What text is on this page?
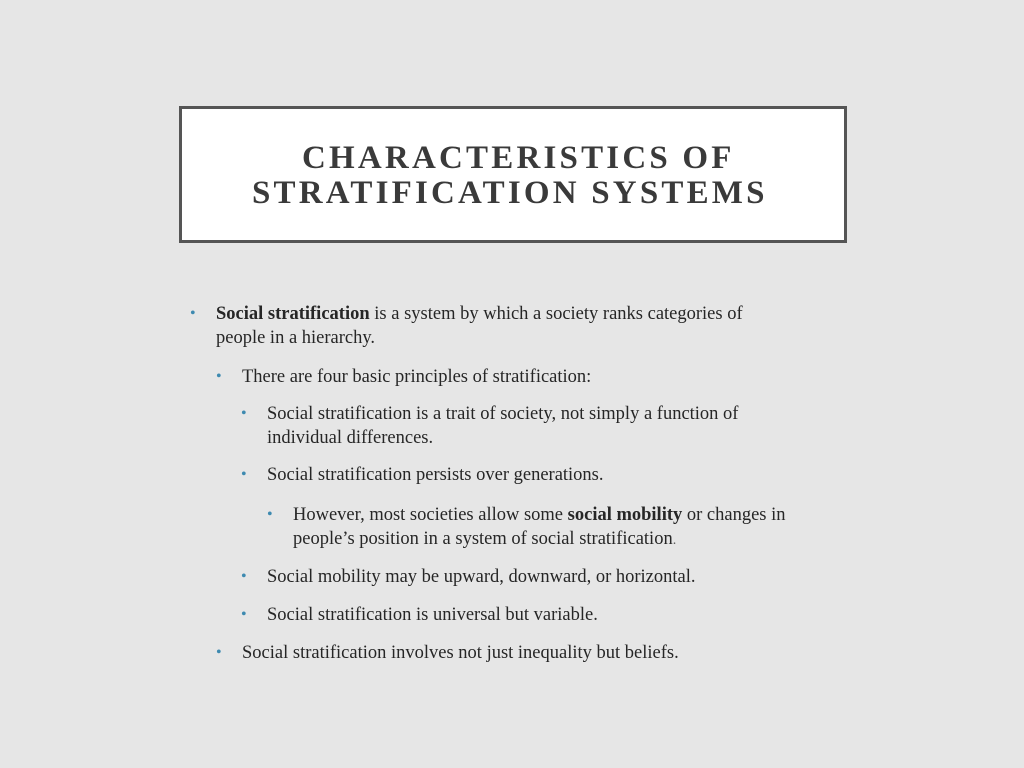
CHARACTERISTICS OF
STRATIFICATION SYSTEMS
• Social stratification is a system by which a society ranks categories of
people in a hierarchy.
• There are four basic principles of stratification:
• Social stratification is a trait of society, not simply a function of
individual differences.
• Social stratification persists over generations.
• However, most societies allow some social mobility or changes in
people’s position in a system of social stratification.
• Social mobility may be upward, downward, or horizontal.
• Social stratification is universal but variable.
• Social stratification involves not just inequality but beliefs.
